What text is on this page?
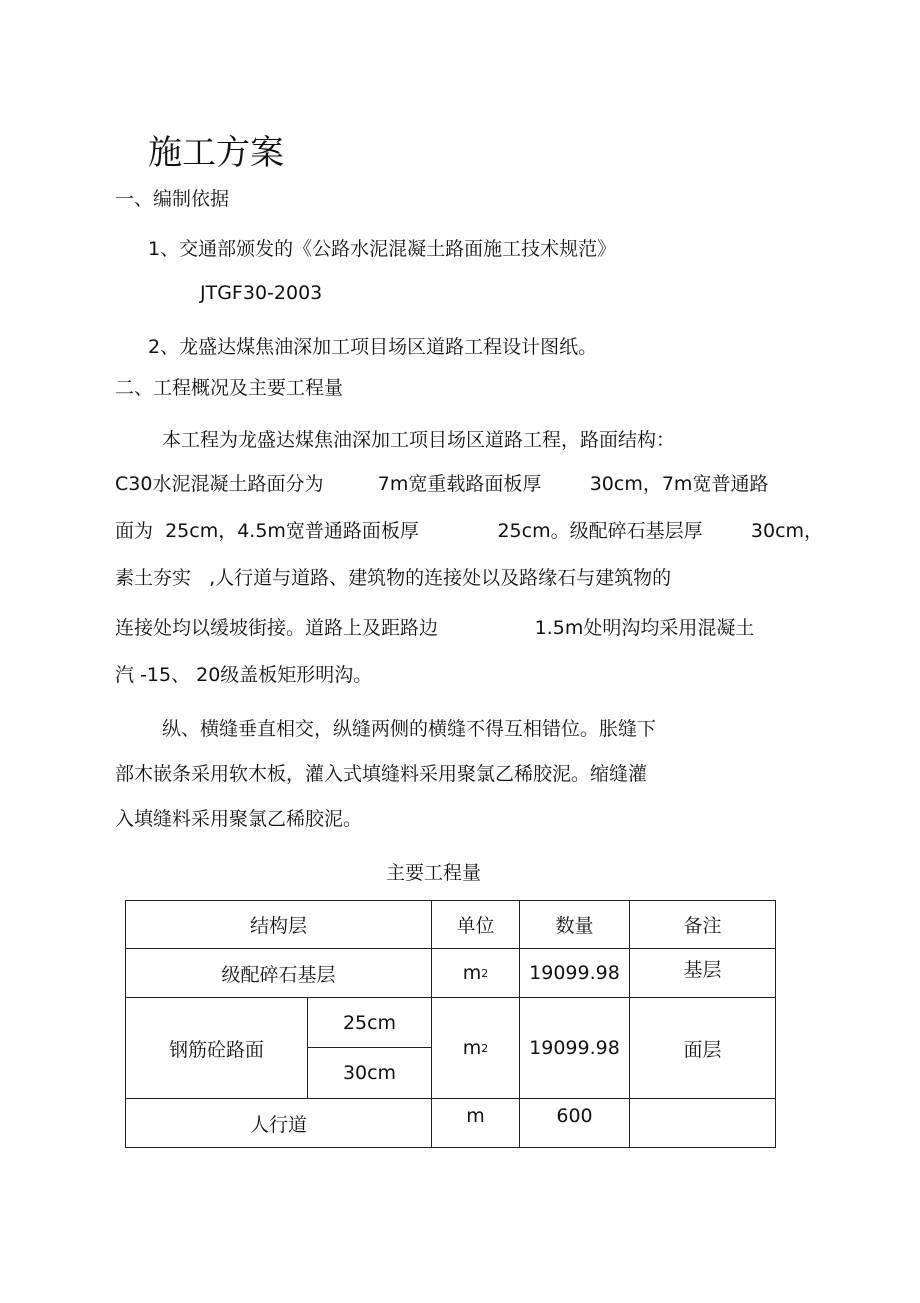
施工方案
一、编制依据
1、交通部颁发的《公路水泥混凝土路面施工技术规范》
JTGF30-2003
2、龙盛达煤焦油深加工项目场区道路工程设计图纸。
二、工程概况及主要工程量
本工程为龙盛达煤焦油深加工项目场区道路工程，路面结构：
C30水泥混凝土路面分为         7m宽重载路面板厚        30cm，7m宽普通路
面为  25cm，4.5m宽普通路面板厚             25cm。级配碎石基层厚        30cm，
素土夯实   ,人行道与道路、建筑物的连接处以及路缘石与建筑物的
连接处均以缓坡街接。道路上及距路边                1.5m处明沟均采用混凝土
汽 -15、 20级盖板矩形明沟。
纵、横缝垂直相交，纵缝两侧的横缝不得互相错位。胀缝下
部木嵌条采用软木板，灌入式填缝料采用聚氯乙稀胶泥。缩缝灌
入填缝料采用聚氯乙稀胶泥。
主要工程量
结构层		单位	数量	备注
级配碎石基层		$m_2$	19099.98	基层
钢筋砼路面	25cm	$m_2$	19099.98	面层
	30cm			
人行道		m	600	
